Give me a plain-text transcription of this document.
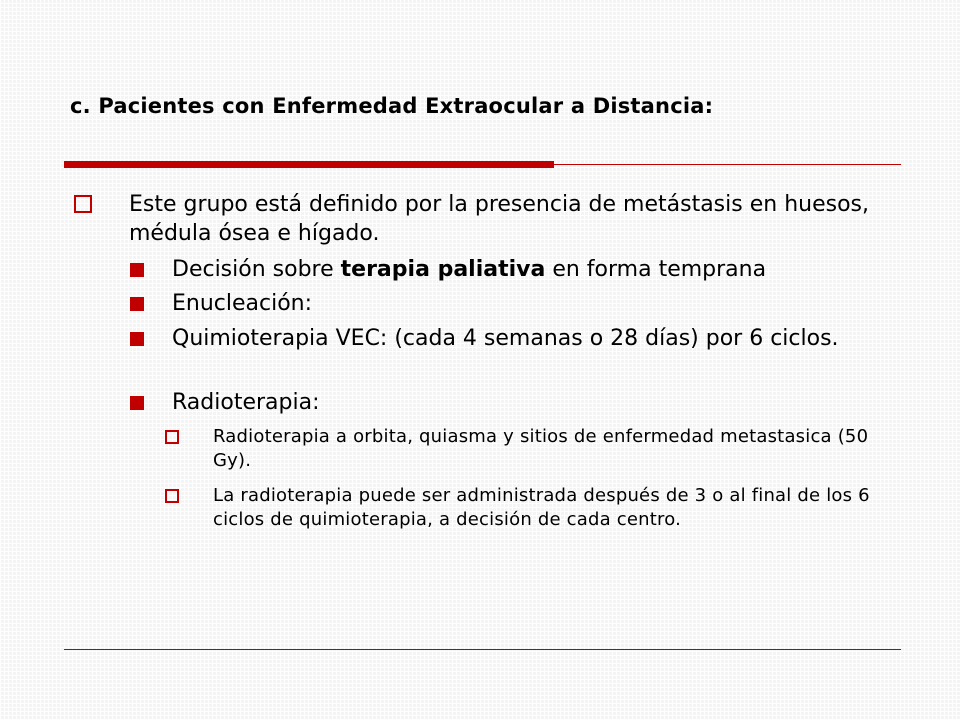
c. Pacientes con Enfermedad Extraocular a Distancia:
Este grupo está definido por la presencia de metástasis en huesos, médula ósea e hígado.
Decisión sobre terapia paliativa en forma temprana
Enucleación:
Quimioterapia VEC: (cada 4 semanas o 28 días) por 6 ciclos.
Radioterapia:
Radioterapia a orbita, quiasma y sitios de enfermedad metastasica (50 Gy).
La radioterapia puede ser administrada después de 3 o al final de los 6 ciclos de quimioterapia, a decisión de cada centro.
